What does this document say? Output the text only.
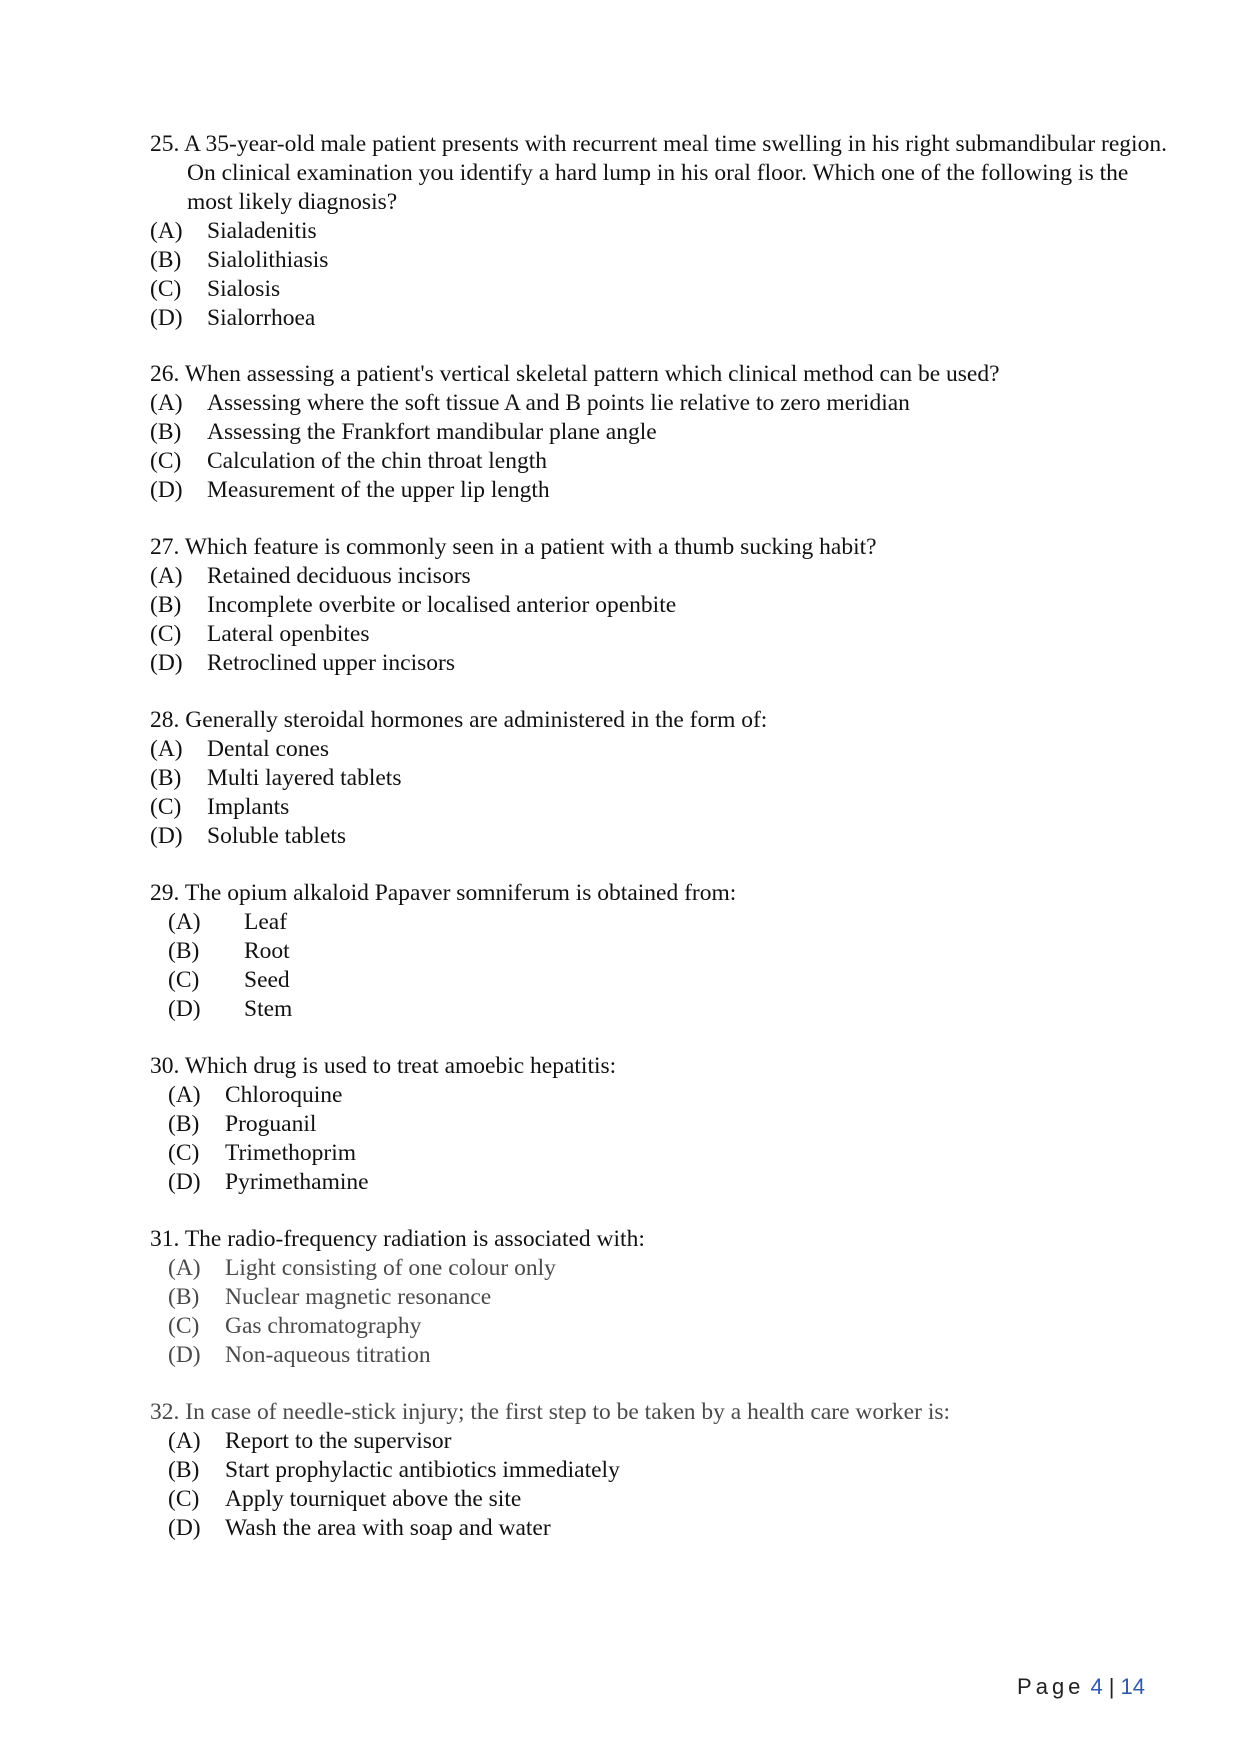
25. A 35-year-old male patient presents with recurrent meal time swelling in his right submandibular region. On clinical examination you identify a hard lump in his oral floor. Which one of the following is the most likely diagnosis?
(A)	Sialadenitis
(B)	Sialolithiasis
(C)	Sialosis
(D)	Sialorrhoea
26. When assessing a patient's vertical skeletal pattern which clinical method can be used?
(A)	Assessing where the soft tissue A and B points lie relative to zero meridian
(B)	Assessing the Frankfort mandibular plane angle
(C)	Calculation of the chin throat length
(D)	Measurement of the upper lip length
27. Which feature is commonly seen in a patient with a thumb sucking habit?
(A)	Retained deciduous incisors
(B)	Incomplete overbite or localised anterior openbite
(C)	Lateral openbites
(D)	Retroclined upper incisors
28. Generally steroidal hormones are administered in the form of:
(A)	Dental cones
(B)	Multi layered tablets
(C)	Implants
(D)	Soluble tablets
29. The opium alkaloid Papaver somniferum is obtained from:
(A)	Leaf
(B)	Root
(C)	Seed
(D)	Stem
30. Which drug is used to treat amoebic hepatitis:
(A)	Chloroquine
(B)	Proguanil
(C)	Trimethoprim
(D)	Pyrimethamine
31. The radio-frequency radiation is associated with:
(A)	Light consisting of one colour only
(B)	Nuclear magnetic resonance
(C)	Gas chromatography
(D)	Non-aqueous titration
32. In case of needle-stick injury; the first step to be taken by a health care worker is:
(A)	Report to the supervisor
(B)	Start prophylactic antibiotics immediately
(C)	Apply tourniquet above the site
(D)	Wash the area with soap and water
Page 4 | 14
